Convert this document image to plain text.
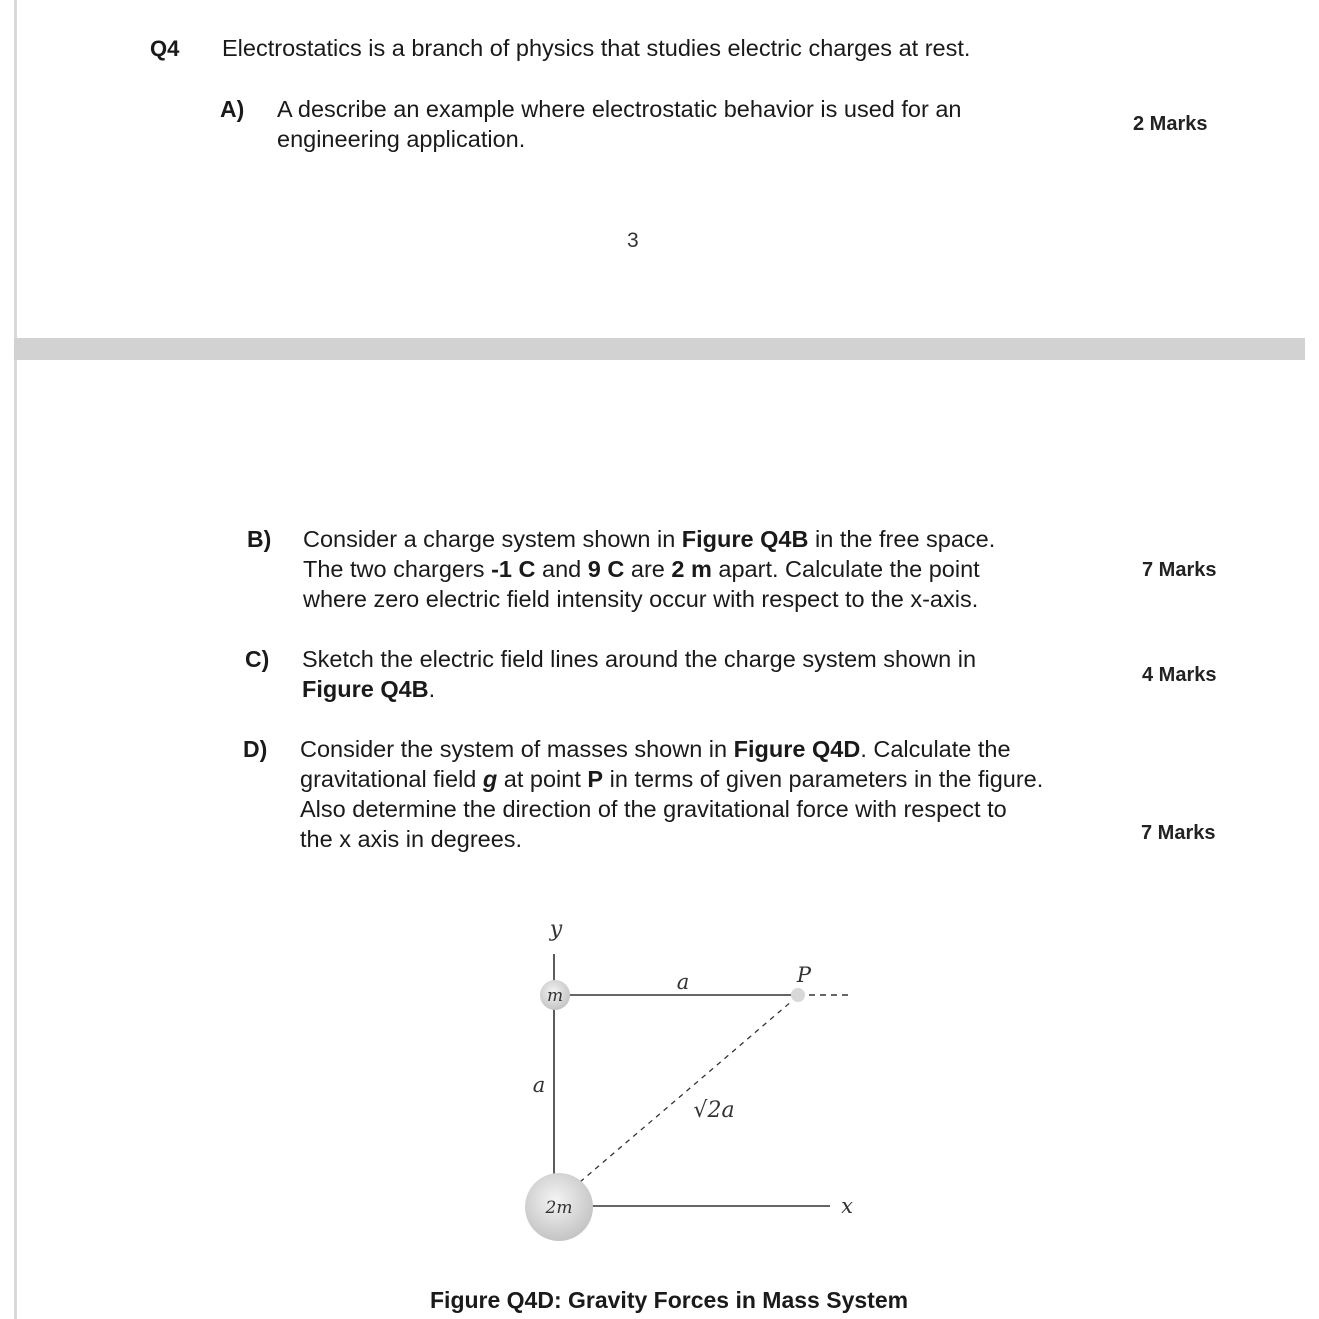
Q4 Electrostatics is a branch of physics that studies electric charges at rest.
A) A describe an example where electrostatic behavior is used for an
engineering application.
2 Marks
3
B) Consider a charge system shown in Figure Q4B in the free space.
The two chargers -1 C and 9 C are 2 m apart. Calculate the point
where zero electric field intensity occur with respect to the x-axis.
7 Marks
C) Sketch the electric field lines around the charge system shown in
Figure Q4B.
4 Marks
D) Consider the system of masses shown in Figure Q4D. Calculate the
gravitational field g at point P in terms of given parameters in the figure.
Also determine the direction of the gravitational force with respect to
the x axis in degrees.	7 Marks
y
x
m
2m
P
a
a
√2a
Figure Q4D: Gravity Forces in Mass System
